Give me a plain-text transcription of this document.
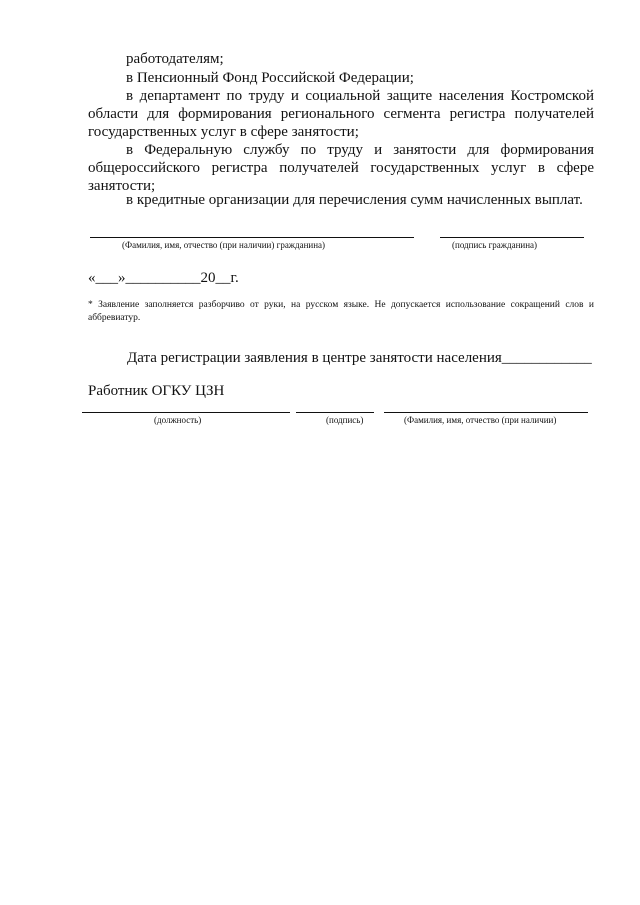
работодателям;
в Пенсионный Фонд Российской Федерации;
в департамент по труду и социальной защите населения Костромской области для формирования регионального сегмента регистра получателей государственных услуг в сфере занятости;
в Федеральную службу по труду и занятости для формирования общероссийского регистра получателей государственных услуг в сфере занятости;
в кредитные организации для перечисления сумм начисленных выплат.
(Фамилия, имя, отчество (при наличии) гражданина)	(подпись гражданина)
«___»__________20__г.
* Заявление заполняется разборчиво от руки, на русском языке. Не допускается использование сокращений слов и аббревиатур.
Дата регистрации заявления в центре занятости населения____________
Работник ОГКУ ЦЗН
(должность)	(подпись)	(Фамилия, имя, отчество (при наличии)
